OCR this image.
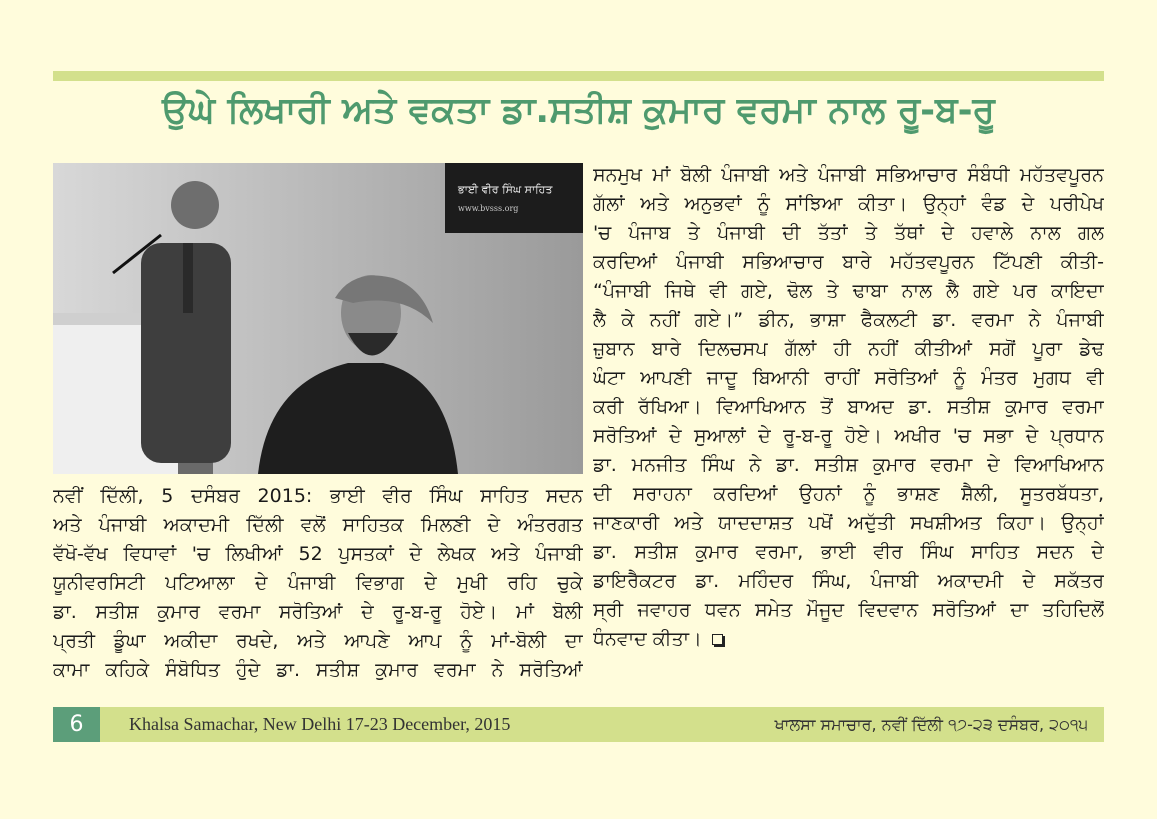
ਉਘੇ ਲਿਖਾਰੀ ਅਤੇ ਵਕਤਾ ਡਾ.ਸਤੀਸ਼ ਕੁਮਾਰ ਵਰਮਾ ਨਾਲ ਰੂ-ਬ-ਰੂ
ਭਾਈ ਵੀਰ ਸਿੰਘ ਸਾਹਿਤ
www.bvsss.org
ਨਵੀਂ ਦਿੱਲੀ, 5 ਦਸੰਬਰ 2015: ਭਾਈ ਵੀਰ ਸਿੰਘ ਸਾਹਿਤ ਸਦਨ
ਅਤੇ ਪੰਜਾਬੀ ਅਕਾਦਮੀ ਦਿੱਲੀ ਵਲੋਂ ਸਾਹਿਤਕ ਮਿਲਣੀ ਦੇ ਅੰਤਰਗਤ
ਵੱਖੋ-ਵੱਖ ਵਿਧਾਵਾਂ 'ਚ ਲਿਖੀਆਂ 52 ਪੁਸਤਕਾਂ ਦੇ ਲੇਖਕ ਅਤੇ ਪੰਜਾਬੀ
ਯੂਨੀਵਰਸਿਟੀ ਪਟਿਆਲਾ ਦੇ ਪੰਜਾਬੀ ਵਿਭਾਗ ਦੇ ਮੁਖੀ ਰਹਿ ਚੁਕੇ
ਡਾ. ਸਤੀਸ਼ ਕੁਮਾਰ ਵਰਮਾ ਸਰੋਤਿਆਂ ਦੇ ਰੂ-ਬ-ਰੂ ਹੋਏ। ਮਾਂ ਬੋਲੀ
ਪ੍ਰਤੀ ਡੂੰਘਾ ਅਕੀਦਾ ਰਖਦੇ, ਅਤੇ ਆਪਣੇ ਆਪ ਨੂੰ ਮਾਂ-ਬੋਲੀ ਦਾ
ਕਾਮਾ ਕਹਿਕੇ ਸੰਬੋਧਿਤ ਹੁੰਦੇ ਡਾ. ਸਤੀਸ਼ ਕੁਮਾਰ ਵਰਮਾ ਨੇ ਸਰੋਤਿਆਂ
ਸਨਮੁਖ ਮਾਂ ਬੋਲੀ ਪੰਜਾਬੀ ਅਤੇ ਪੰਜਾਬੀ ਸਭਿਆਚਾਰ ਸੰਬੰਧੀ ਮਹੱਤਵਪੂਰਨ
ਗੱਲਾਂ ਅਤੇ ਅਨੁਭਵਾਂ ਨੂੰ ਸਾਂਝਿਆ ਕੀਤਾ। ਉਨ੍ਹਾਂ ਵੰਡ ਦੇ ਪਰੀਪੇਖ
'ਚ ਪੰਜਾਬ ਤੇ ਪੰਜਾਬੀ ਦੀ ਤੱਤਾਂ ਤੇ ਤੱਥਾਂ ਦੇ ਹਵਾਲੇ ਨਾਲ ਗਲ
ਕਰਦਿਆਂ ਪੰਜਾਬੀ ਸਭਿਆਚਾਰ ਬਾਰੇ ਮਹੱਤਵਪੂਰਨ ਟਿੱਪਣੀ ਕੀਤੀ-
“ਪੰਜਾਬੀ ਜਿਥੇ ਵੀ ਗਏ, ਢੋਲ ਤੇ ਢਾਬਾ ਨਾਲ ਲੈ ਗਏ ਪਰ ਕਾਇਦਾ
ਲੈ ਕੇ ਨਹੀਂ ਗਏ।” ਡੀਨ, ਭਾਸ਼ਾ ਫੈਕਲਟੀ ਡਾ. ਵਰਮਾ ਨੇ ਪੰਜਾਬੀ
ਜ਼ੁਬਾਨ ਬਾਰੇ ਦਿਲਚਸਪ ਗੱਲਾਂ ਹੀ ਨਹੀਂ ਕੀਤੀਆਂ ਸਗੋਂ ਪੂਰਾ ਡੇਢ
ਘੰਟਾ ਆਪਣੀ ਜਾਦੂ ਬਿਆਨੀ ਰਾਹੀਂ ਸਰੋਤਿਆਂ ਨੂੰ ਮੰਤਰ ਮੁਗਧ ਵੀ
ਕਰੀ ਰੱਖਿਆ। ਵਿਆਖਿਆਨ ਤੋਂ ਬਾਅਦ ਡਾ. ਸਤੀਸ਼ ਕੁਮਾਰ ਵਰਮਾ
ਸਰੋਤਿਆਂ ਦੇ ਸੁਆਲਾਂ ਦੇ ਰੂ-ਬ-ਰੂ ਹੋਏ। ਅਖੀਰ 'ਚ ਸਭਾ ਦੇ ਪ੍ਰਧਾਨ
ਡਾ. ਮਨਜੀਤ ਸਿੰਘ ਨੇ ਡਾ. ਸਤੀਸ਼ ਕੁਮਾਰ ਵਰਮਾ ਦੇ ਵਿਆਖਿਆਨ
ਦੀ ਸਰਾਹਨਾ ਕਰਦਿਆਂ ਉਹਨਾਂ ਨੂੰ ਭਾਸ਼ਣ ਸ਼ੈਲੀ, ਸੂਤਰਬੱਧਤਾ,
ਜਾਣਕਾਰੀ ਅਤੇ ਯਾਦਦਾਸ਼ਤ ਪਖੋਂ ਅਦੁੱਤੀ ਸਖਸ਼ੀਅਤ ਕਿਹਾ। ਉਨ੍ਹਾਂ
ਡਾ. ਸਤੀਸ਼ ਕੁਮਾਰ ਵਰਮਾ, ਭਾਈ ਵੀਰ ਸਿੰਘ ਸਾਹਿਤ ਸਦਨ ਦੇ
ਡਾਇਰੈਕਟਰ ਡਾ. ਮਹਿੰਦਰ ਸਿੰਘ, ਪੰਜਾਬੀ ਅਕਾਦਮੀ ਦੇ ਸਕੱਤਰ
ਸ੍ਰੀ ਜਵਾਹਰ ਧਵਨ ਸਮੇਤ ਮੌਜੂਦ ਵਿਦਵਾਨ ਸਰੋਤਿਆਂ ਦਾ ਤਹਿਦਿਲੋਂ
ਧੰਨਵਾਦ ਕੀਤਾ।
6	Khalsa Samachar, New Delhi 17-23 December, 2015	ਖਾਲਸਾ ਸਮਾਚਾਰ, ਨਵੀਂ ਦਿੱਲੀ ੧੭-੨੩ ਦਸੰਬਰ, ੨੦੧੫
